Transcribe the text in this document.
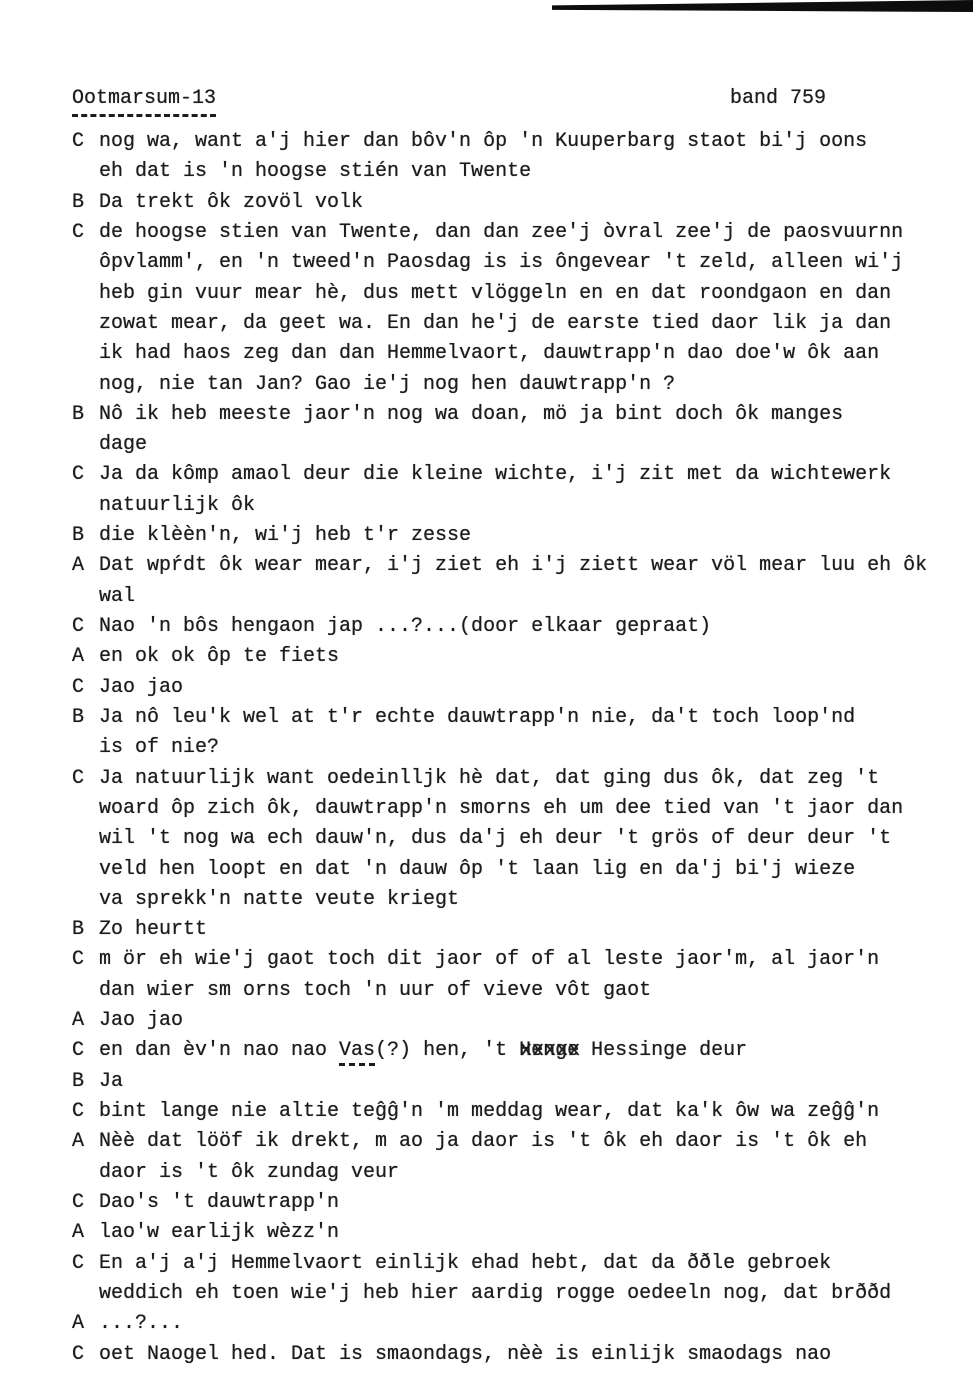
Ootmarsum-13	band 759
C nog wa, want a'j hier dan bôv'n ôp 'n Kuuperbarg staot bi'j oons
eh dat is 'n hoogse stién van Twente
B Da trekt ôk zovöl volk
C de hoogse stien van Twente, dan dan zee'j òvral zee'j de paosvuurnn
ôpvlamm', en 'n tweed'n Paosdag is is ôngevear 't zeld, alleen wi'j
heb gin vuur mear hè, dus mett vlöggeln en en dat roondgaon en dan
zowat mear, da geet wa. En dan he'j de earste tied daor lik ja dan
ik had haos zeg dan dan Hemmelvaort, dauwtrapp'n dao doe'w ôk aan
nog, nie tan Jan? Gao ie'j nog hen dauwtrapp'n ?
B Nô ik heb meeste jaor'n nog wa doan, mö ja bint doch ôk manges
dage
C Ja da kômp amaol deur die kleine wichte, i'j zit met da wichtewerk
natuurlijk ôk
B die klèèn'n, wi'j heb t'r zesse
A Dat wpŕdt ôk wear mear, i'j ziet eh i'j ziett wear völ mear luu eh ôk
wal
C Nao 'n bôs hengaon jap ...?...(door elkaar gepraat)
A en ok ok ôp te fiets
C Jao jao
B Ja nô leu'k wel at t'r echte dauwtrapp'n nie, da't toch loop'nd
is of nie?
C Ja natuurlijk want oedeinlljk hè dat, dat ging dus ôk, dat zeg 't
woard ôp zich ôk, dauwtrapp'n smorns eh um dee tied van 't jaor dan
wil 't nog wa ech dauw'n, dus da'j eh deur 't grös of deur deur 't
veld hen loopt en dat 'n dauw ôp 't laan lig en da'j bi'j wieze
va sprekk'n natte veute kriegt
B Zo heurtt
C m ör eh wie'j gaot toch dit jaor of of al leste jaor'm, al jaor'n
dan wier sm orns toch 'n uur of vieve vôt gaot
A Jao jao
C en dan èv'n nao nao Vas(?) hen, 't Henge xxxxx Hessinge deur
B Ja
C bint lange nie altie teĝĝ'n 'm meddag wear, dat ka'k ôw wa zeĝĝ'n
A Nèè dat lööf ik drekt, m ao ja daor is 't ôk eh daor is 't ôk eh
daor is 't ôk zundag veur
C Dao's 't dauwtrapp'n
A lao'w earlijk wèzz'n
C En a'j a'j Hemmelvaort einlijk ehad hebt, dat da ððle gebroek
weddich eh toen wie'j heb hier aardig rogge oedeeln nog, dat brððd
A ...?...
C oet Naogel hed. Dat is smaondags, nèè is einlijk smaodags nao
